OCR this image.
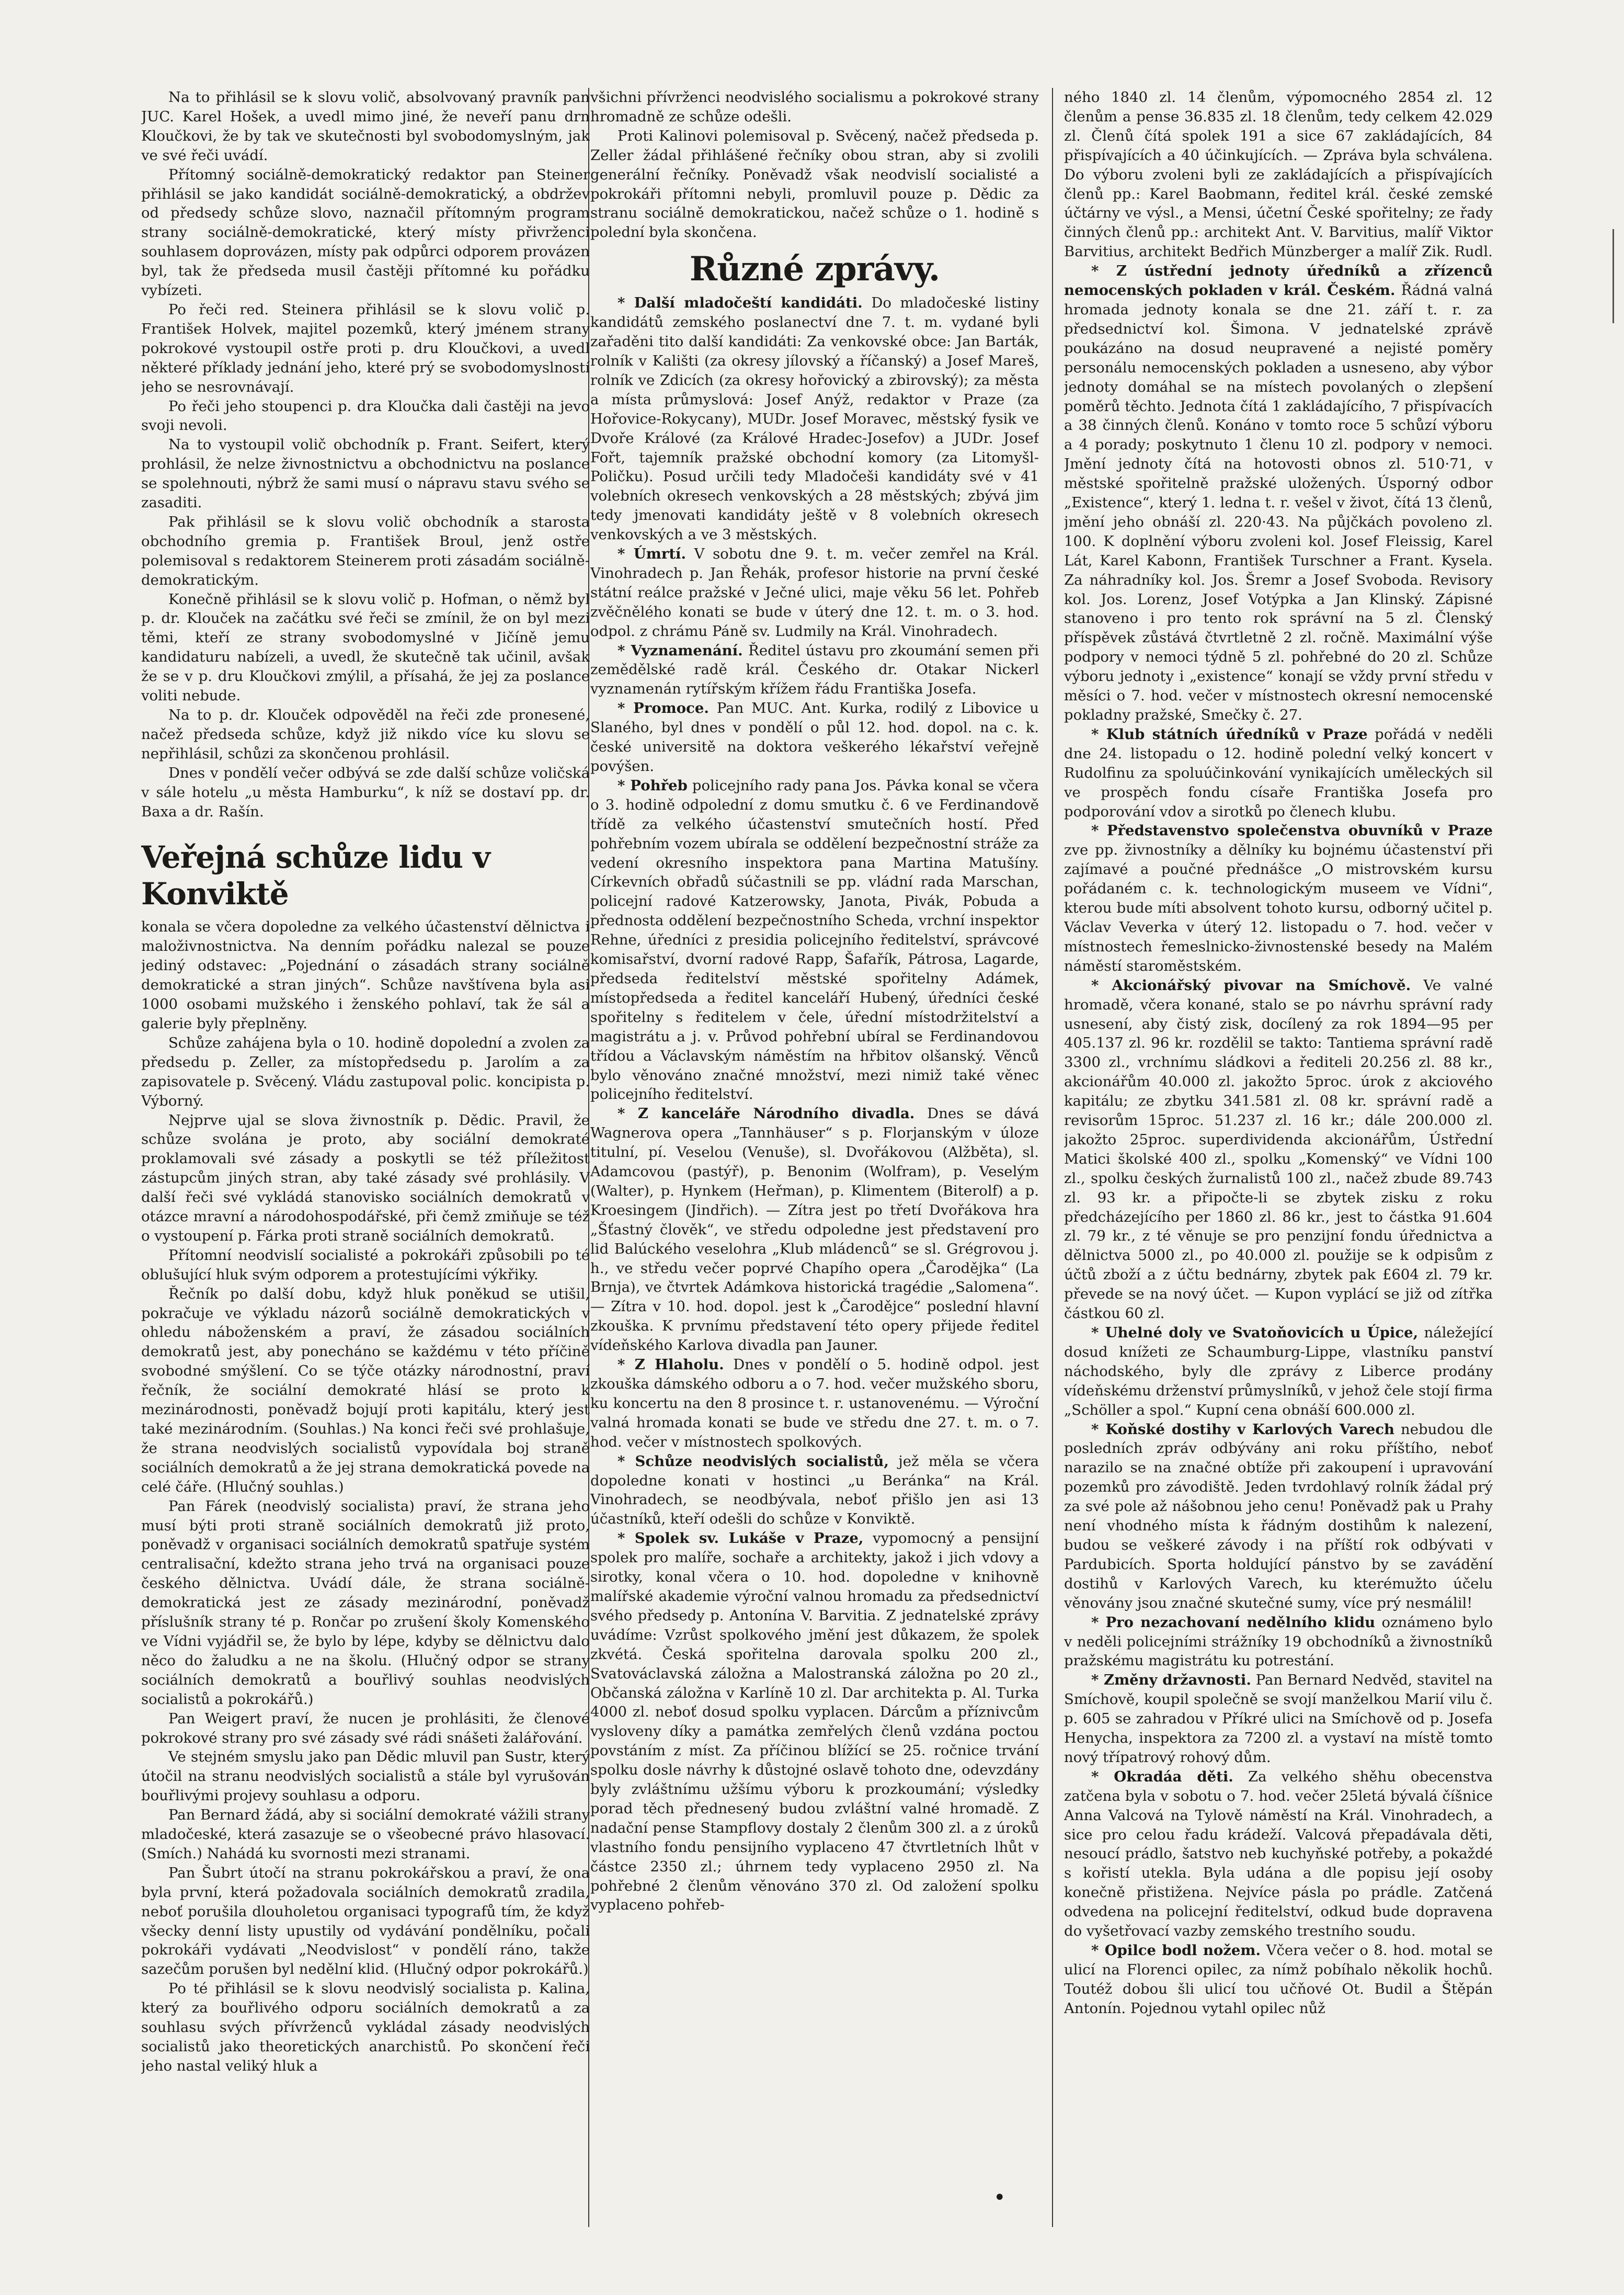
Na to přihlásil se k slovu volič, absolvovaný pravník pan JUC. Karel Hošek, a uvedl mimo jiné, že neveří panu drn Kloučkovi, že by tak ve skutečnosti byl svobodomyslným, jak ve své řeči uvádí.

Přítomný sociálně-demokratický redaktor pan Steiner přihlásil se jako kandidát sociálně-demokratický, a obdržev od předsedy schůze slovo, naznačil přítomným program strany sociálně-demokratické, který místy přivrženci souhlasem doprovázen, místy pak odpůrci odporem provázen byl, tak že předseda musil častěji přítomné ku pořádku vybízeti.

Po řeči red. Steinera přihlásil se k slovu volič p. František Holvek, majitel pozemků, který jménem strany pokrokové vystoupil ostře proti p. dru Kloučkovi, a uvedl některé příklady jednání jeho, které prý se svobodomyslností jeho se nesrovnávají.

Po řeči jeho stoupenci p. dra Kloučka dali častěji na jevo svoji nevoli.

Na to vystoupil volič obchodník p. Frant. Seifert, který prohlásil, že nelze živnostnictvu a obchodnictvu na poslance se spolehnouti, nýbrž že sami musí o nápravu stavu svého se zasaditi.

Pak přihlásil se k slovu volič obchodník a starosta obchodního gremia p. František Broul, jenž ostře polemisoval s redaktorem Steinerem proti zásadám sociálně-demokratickým.

Konečně přihlásil se k slovu volič p. Hofman, o němž byl p. dr. Klouček na začátku své řeči se zmínil, že on byl mezi těmi, kteří ze strany svobodomyslné v Jičíně jemu kandidaturu nabízeli, a uvedl, že skutečně tak učinil, avšak že se v p. dru Kloučkovi zmýlil, a přísahá, že jej za poslance voliti nebude.

Na to p. dr. Klouček odpověděl na řeči zde pronesené, načež předseda schůze, když již nikdo více ku slovu se nepřihlásil, schůzi za skončenou prohlásil.

Dnes v pondělí večer odbývá se zde další schůze voličská v sále hotelu „u města Hamburku“, k níž se dostaví pp. dr. Baxa a dr. Rašín.

Veřejná schůze lidu v Konviktě

konala se včera dopoledne za velkého účastenství dělnictva i maloživnostnictva. Na denním pořádku nalezal se pouze jediný odstavec: „Pojednání o zásadách strany sociálně demokratické a stran jiných“. Schůze navštívena byla asi 1000 osobami mužského i ženského pohlaví, tak že sál a galerie byly přeplněny.

Schůze zahájena byla o 10. hodině dopolední a zvolen za předsedu p. Zeller, za místopředsedu p. Jarolím a za zapisovatele p. Svěcený. Vládu zastupoval polic. koncipista p. Výborný.

Nejprve ujal se slova živnostník p. Dědic. Pravil, že schůze svolána je proto, aby sociální demokraté proklamovali své zásady a poskytli se též příležitost zástupcům jiných stran, aby také zásady své prohlásily. V další řeči své vykládá stanovisko sociálních demokratů v otázce mravní a národohospodářské, při čemž zmiňuje se též o vystoupení p. Fárka proti straně sociálních demokratů.

Přítomní neodvislí socialisté a pokrokáři způsobili po té oblušující hluk svým odporem a protestujícími výkřiky.

Řečník po další dobu, když hluk poněkud se utišil, pokračuje ve výkladu názorů sociálně demokratických v ohledu náboženském a praví, že zásadou sociálních demokratů jest, aby ponecháno se každému v této příčině svobodné smýšlení. Co se týče otázky národnostní, praví řečník, že sociální demokraté hlásí se proto k mezinárodnosti, poněvadž bojují proti kapitálu, který jest také mezinárodním. (Souhlas.) Na konci řeči své prohlašuje, že strana neodvislých socialistů vypovídala boj straně sociálních demokratů a že jej strana demokratická povede na celé čáře. (Hlučný souhlas.)

Pan Fárek (neodvislý socialista) praví, že strana jeho musí býti proti straně sociálních demokratů již proto, poněvadž v organisaci sociálních demokratů spatřuje systém centralisační, kdežto strana jeho trvá na organisaci pouze českého dělnictva. Uvádí dále, že strana sociálně-demokratická jest ze zásady mezinárodní, poněvadž příslušník strany té p. Rončar po zrušení školy Komenského ve Vídni vyjádřil se, že bylo by lépe, kdyby se dělnictvu dalo něco do žaludku a ne na školu. (Hlučný odpor se strany sociálních demokratů a bouřlivý souhlas neodvislých socialistů a pokrokářů.)

Pan Weigert praví, že nucen je prohlásiti, že členové pokrokové strany pro své zásady své rádi snášeti žalářování.

Ve stejném smyslu jako pan Dědic mluvil pan Sustr, který útočil na stranu neodvislých socialistů a stále byl vyrušován bouřlivými projevy souhlasu a odporu.

Pan Bernard žádá, aby si sociální demokraté vážili strany mladočeské, která zasazuje se o všeobecné právo hlasovací. (Smích.) Nahádá ku svornosti mezi stranami.

Pan Šubrt útočí na stranu pokrokářskou a praví, že ona byla první, která požadovala sociálních demokratů zradila, neboť porušila dlouholetou organisaci typografů tím, že když všecky denní listy upustily od vydávání pondělníku, počali pokrokáři vydávati „Neodvislost“ v pondělí ráno, takže sazečům porušen byl nedělní klid. (Hlučný odpor pokrokářů.)

Po té přihlásil se k slovu neodvislý socialista p. Kalina, který za bouřlivého odporu sociálních demokratů a za souhlasu svých přívrženců vykládal zásady neodvislých socialistů jako theoretických anarchistů. Po skončení řeči jeho nastal veliký hluk a

všichni přívrženci neodvislého socialismu a pokrokové strany hromadně ze schůze odešli.

Proti Kalinovi polemisoval p. Svěcený, načež předseda p. Zeller žádal přihlášené řečníky obou stran, aby si zvolili generální řečníky. Poněvadž však neodvislí socialisté a pokrokáři přítomni nebyli, promluvil pouze p. Dědic za stranu sociálně demokratickou, načež schůze o 1. hodině s polední byla skončena.

Různé zprávy.

* Další mladočeští kandidáti. Do mladočeské listiny kandidátů zemského poslanectví dne 7. t. m. vydané byli zařaděni tito další kandidáti: Za venkovské obce: Jan Barták, rolník v Kališti (za okresy jílovský a říčanský) a Josef Mareš, rolník ve Zdicích (za okresy hořovický a zbirovský); za města a místa průmyslová: Josef Anýž, redaktor v Praze (za Hořovice-Rokycany), MUDr. Josef Moravec, městský fysik ve Dvoře Králové (za Králové Hradec-Josefov) a JUDr. Josef Fořt, tajemník pražské obchodní komory (za Litomyšl-Poličku). Posud určili tedy Mladočeši kandidáty své v 41 volebních okresech venkovských a 28 městských; zbývá jim tedy jmenovati kandidáty ještě v 8 volebních okresech venkovských a ve 3 městských.

* Úmrtí. V sobotu dne 9. t. m. večer zemřel na Král. Vinohradech p. Jan Řehák, profesor historie na první české státní reálce pražské v Ječné ulici, maje věku 56 let. Pohřeb zvěčnělého konati se bude v úterý dne 12. t. m. o 3. hod. odpol. z chrámu Páně sv. Ludmily na Král. Vinohradech.

* Vyznamenání. Ředitel ústavu pro zkoumání semen při zemědělské radě král. Českého dr. Otakar Nickerl vyznamenán rytířským křížem řádu Františka Josefa.

* Promoce. Pan MUC. Ant. Kurka, rodilý z Libovice u Slaného, byl dnes v pondělí o půl 12. hod. dopol. na c. k. české universitě na doktora veškerého lékařství veřejně povýšen.

* Pohřeb policejního rady pana Jos. Pávka konal se včera o 3. hodině odpolední z domu smutku č. 6 ve Ferdinandově třídě za velkého účastenství smutečních hostí. Před pohřebním vozem ubírala se oddělení bezpečnostní stráže za vedení okresního inspektora pana Martina Matušíny. Církevních obřadů súčastnili se pp. vládní rada Marschan, policejní radové Katzerowsky, Janota, Pivák, Pobuda a přednosta oddělení bezpečnostního Scheda, vrchní inspektor Rehne, úředníci z presidia policejního ředitelství, správcové komisařství, dvorní radové Rapp, Šafařík, Pátrosa, Lagarde, předseda ředitelství městské spořitelny Adámek, místopředseda a ředitel kanceláří Hubený, úředníci české spořitelny s ředitelem v čele, úřední místodržitelství a magistrátu a j. v. Průvod pohřební ubíral se Ferdinandovou třídou a Václavským náměstím na hřbitov olšanský. Věnců bylo věnováno značné množství, mezi nimiž také věnec policejního ředitelství.

* Z kanceláře Národního divadla. Dnes se dává Wagnerova opera „Tannhäuser“ s p. Florjanským v úloze titulní, pí. Veselou (Venuše), sl. Dvořákovou (Alžběta), sl. Adamcovou (pastýř), p. Benonim (Wolfram), p. Veselým (Walter), p. Hynkem (Heřman), p. Klimentem (Biterolf) a p. Kroesingem (Jindřich). — Zítra jest po třetí Dvořákova hra „Šťastný člověk“, ve středu odpoledne jest představení pro lid Balúckého veselohra „Klub mládenců“ se sl. Grégrovou j. h., ve středu večer poprvé Chapího opera „Čarodějka“ (La Brnja), ve čtvrtek Adámkova historická tragédie „Salomena“. — Zítra v 10. hod. dopol. jest k „Čarodějce“ poslední hlavní zkouška. K prvnímu představení této opery přijede ředitel vídeňského Karlova divadla pan Jauner.

* Z Hlaholu. Dnes v pondělí o 5. hodině odpol. jest zkouška dámského odboru a o 7. hod. večer mužského sboru, ku koncertu na den 8 prosince t. r. ustanovenému. — Výroční valná hromada konati se bude ve středu dne 27. t. m. o 7. hod. večer v místnostech spolkových.

* Schůze neodvislých socialistů, jež měla se včera dopoledne konati v hostinci „u Beránka“ na Král. Vinohradech, se neodbývala, neboť přišlo jen asi 13 účastníků, kteří odešli do schůze v Konviktě.

* Spolek sv. Lukáše v Praze, vypomocný a pensijní spolek pro malíře, sochaře a architekty, jakož i jich vdovy a sirotky, konal včera o 10. hod. dopoledne v knihovně malířské akademie výroční valnou hromadu za předsednictví svého předsedy p. Antonína V. Barvitia. Z jednatelské zprávy uvádíme: Vzrůst spolkového jmění jest důkazem, že spolek zkvétá. Česká spořitelna darovala spolku 200 zl., Svatováclavská záložna a Malostranská záložna po 20 zl., Občanská záložna v Karlíně 10 zl. Dar architekta p. Al. Turka 4000 zl. neboť dosud spolku vyplacen. Dárcům a příznivcům vysloveny díky a památka zemřelých členů vzdána poctou povstáním z míst. Za příčinou blížící se 25. ročnice trvání spolku dosle návrhy k důstojné oslavě tohoto dne, odevzdány byly zvláštnímu užšímu výboru k prozkoumání; výsledky porad těch přednesený budou zvláštní valné hromadě. Z nadační pense Stampflovy dostaly 2 členům 300 zl. a z úroků vlastního fondu pensijního vyplaceno 47 čtvrtletních lhůt v částce 2350 zl.; úhrnem tedy vyplaceno 2950 zl. Na pohřebné 2 členům věnováno 370 zl. Od založení spolku vyplaceno pohřeb-

ného 1840 zl. 14 členům, výpomocného 2854 zl. 12 členům a pense 36.835 zl. 18 členům, tedy celkem 42.029 zl. Členů čítá spolek 191 a sice 67 zakládajících, 84 přispívajících a 40 účinkujících. — Zpráva byla schválena. Do výboru zvoleni byli ze zakládajících a přispívajících členů pp.: Karel Baobmann, ředitel král. české zemské účtárny ve výsl., a Mensi, účetní České spořitelny; ze řady činných členů pp.: architekt Ant. V. Barvitius, malíř Viktor Barvitius, architekt Bedřich Münzberger a malíř Zik. Rudl.

* Z ústřední jednoty úředníků a zřízenců nemocenských pokladen v král. Českém. Řádná valná hromada jednoty konala se dne 21. září t. r. za předsednictví kol. Šimona. V jednatelské zprávě poukázáno na dosud neupravené a nejisté poměry personálu nemocenských pokladen a usneseno, aby výbor jednoty domáhal se na místech povolaných o zlepšení poměrů těchto. Jednota čítá 1 zakládajícího, 7 přispívacích a 38 činných členů. Konáno v tomto roce 5 schůzí výboru a 4 porady; poskytnuto 1 členu 10 zl. podpory v nemoci. Jmění jednoty čítá na hotovosti obnos zl. 510·71, v městské spořitelně pražské uložených. Úsporný odbor „Existence“, který 1. ledna t. r. vešel v život, čítá 13 členů, jmění jeho obnáší zl. 220·43. Na půjčkách povoleno zl. 100. K doplnění výboru zvoleni kol. Josef Fleissig, Karel Lát, Karel Kabonn, František Turschner a Frant. Kysela. Za náhradníky kol. Jos. Šremr a Josef Svoboda. Revisory kol. Jos. Lorenz, Josef Votýpka a Jan Klinský. Zápisné stanoveno i pro tento rok správní na 5 zl. Členský příspěvek zůstává čtvrtletně 2 zl. ročně. Maximální výše podpory v nemoci týdně 5 zl. pohřebné do 20 zl. Schůze výboru jednoty i „existence“ konají se vždy první středu v měsíci o 7. hod. večer v místnostech okresní nemocenské pokladny pražské, Smečky č. 27.

* Klub státních úředníků v Praze pořádá v neděli dne 24. listopadu o 12. hodině polední velký koncert v Rudolfinu za spoluúčinkování vynikajících uměleckých sil ve prospěch fondu císaře Františka Josefa pro podporování vdov a sirotků po členech klubu.

* Představenstvo společenstva obuvníků v Praze zve pp. živnostníky a dělníky ku bojnému účastenství při zajímavé a poučné přednášce „O mistrovském kursu pořádaném c. k. technologickým museem ve Vídni“, kterou bude míti absolvent tohoto kursu, odborný učitel p. Václav Veverka v úterý 12. listopadu o 7. hod. večer v místnostech řemeslnicko-živnostenské besedy na Malém náměstí staroměstském.

* Akcionářský pivovar na Smíchově. Ve valné hromadě, včera konané, stalo se po návrhu správní rady usnesení, aby čistý zisk, docílený za rok 1894—95 per 405.137 zl. 96 kr. rozdělil se takto: Tantiema správní radě 3300 zl., vrchnímu sládkovi a řediteli 20.256 zl. 88 kr., akcionářům 40.000 zl. jakožto 5proc. úrok z akciového kapitálu; ze zbytku 341.581 zl. 08 kr. správní radě a revisorům 15proc. 51.237 zl. 16 kr.; dále 200.000 zl. jakožto 25proc. superdividenda akcionářům, Ústřední Matici školské 400 zl., spolku „Komenský“ ve Vídni 100 zl., spolku českých žurnalistů 100 zl., načež zbude 89.743 zl. 93 kr. a připočte-li se zbytek zisku z roku předcházejícího per 1860 zl. 86 kr., jest to částka 91.604 zl. 79 kr., z té věnuje se pro penzijní fondu úřednictva a dělnictva 5000 zl., po 40.000 zl. použije se k odpisům z účtů zboží a z účtu bednárny, zbytek pak £604 zl. 79 kr. převede se na nový účet. — Kupon vyplácí se již od zítřka částkou 60 zl.

* Uhelné doly ve Svatoňovicích u Úpice, náležející dosud knížeti ze Schaumburg-Lippe, vlastníku panství náchodského, byly dle zprávy z Liberce prodány vídeňskému drženství průmyslníků, v jehož čele stojí firma „Schöller a spol.“ Kupní cena obnáší 600.000 zl.

* Koňské dostihy v Karlových Varech nebudou dle posledních zpráv odbývány ani roku příštího, neboť narazilo se na značné obtíže při zakoupení i upravování pozemků pro závodiště. Jeden tvrdohlavý rolník žádal prý za své pole až nášobnou jeho cenu! Poněvadž pak u Prahy není vhodného místa k řádným dostihům k nalezení, budou se veškeré závody i na příští rok odbývati v Pardubicích. Sporta holdující pánstvo by se zavádění dostihů v Karlových Varech, ku kterémužto účelu věnovány jsou značné skutečné sumy, více prý nesmálil!

* Pro nezachovaní nedělního klidu oznámeno bylo v neděli policejními strážníky 19 obchodníků a živnostníků pražskému magistrátu ku potrestání.

* Změny državnosti. Pan Bernard Nedvěd, stavitel na Smíchově, koupil společně se svojí manželkou Marií vilu č. p. 605 se zahradou v Příkré ulici na Smíchově od p. Josefa Henycha, inspektora za 7200 zl. a vystaví na místě tomto nový třípatrový rohový dům.

* Okradáa děti. Za velkého shěhu obecenstva zatčena byla v sobotu o 7. hod. večer 25letá bývalá číšnice Anna Valcová na Tylově náměstí na Král. Vinohradech, a sice pro celou řadu krádeží. Valcová přepadávala děti, nesoucí prádlo, šatstvo neb kuchyňské potřeby, a pokaždé s kořistí utekla. Byla udána a dle popisu její osoby konečně přistižena. Nejvíce pásla po prádle. Zatčená odvedena na policejní ředitelství, odkud bude dopravena do vyšetřovací vazby zemského trestního soudu.

* Opilce bodl nožem. Včera večer o 8. hod. motal se ulicí na Florenci opilec, za nímž pobíhalo několik hochů. Toutéž dobou šli ulicí tou učňové Ot. Budil a Štěpán Antonín. Pojednou vytahl opilec nůž

•
